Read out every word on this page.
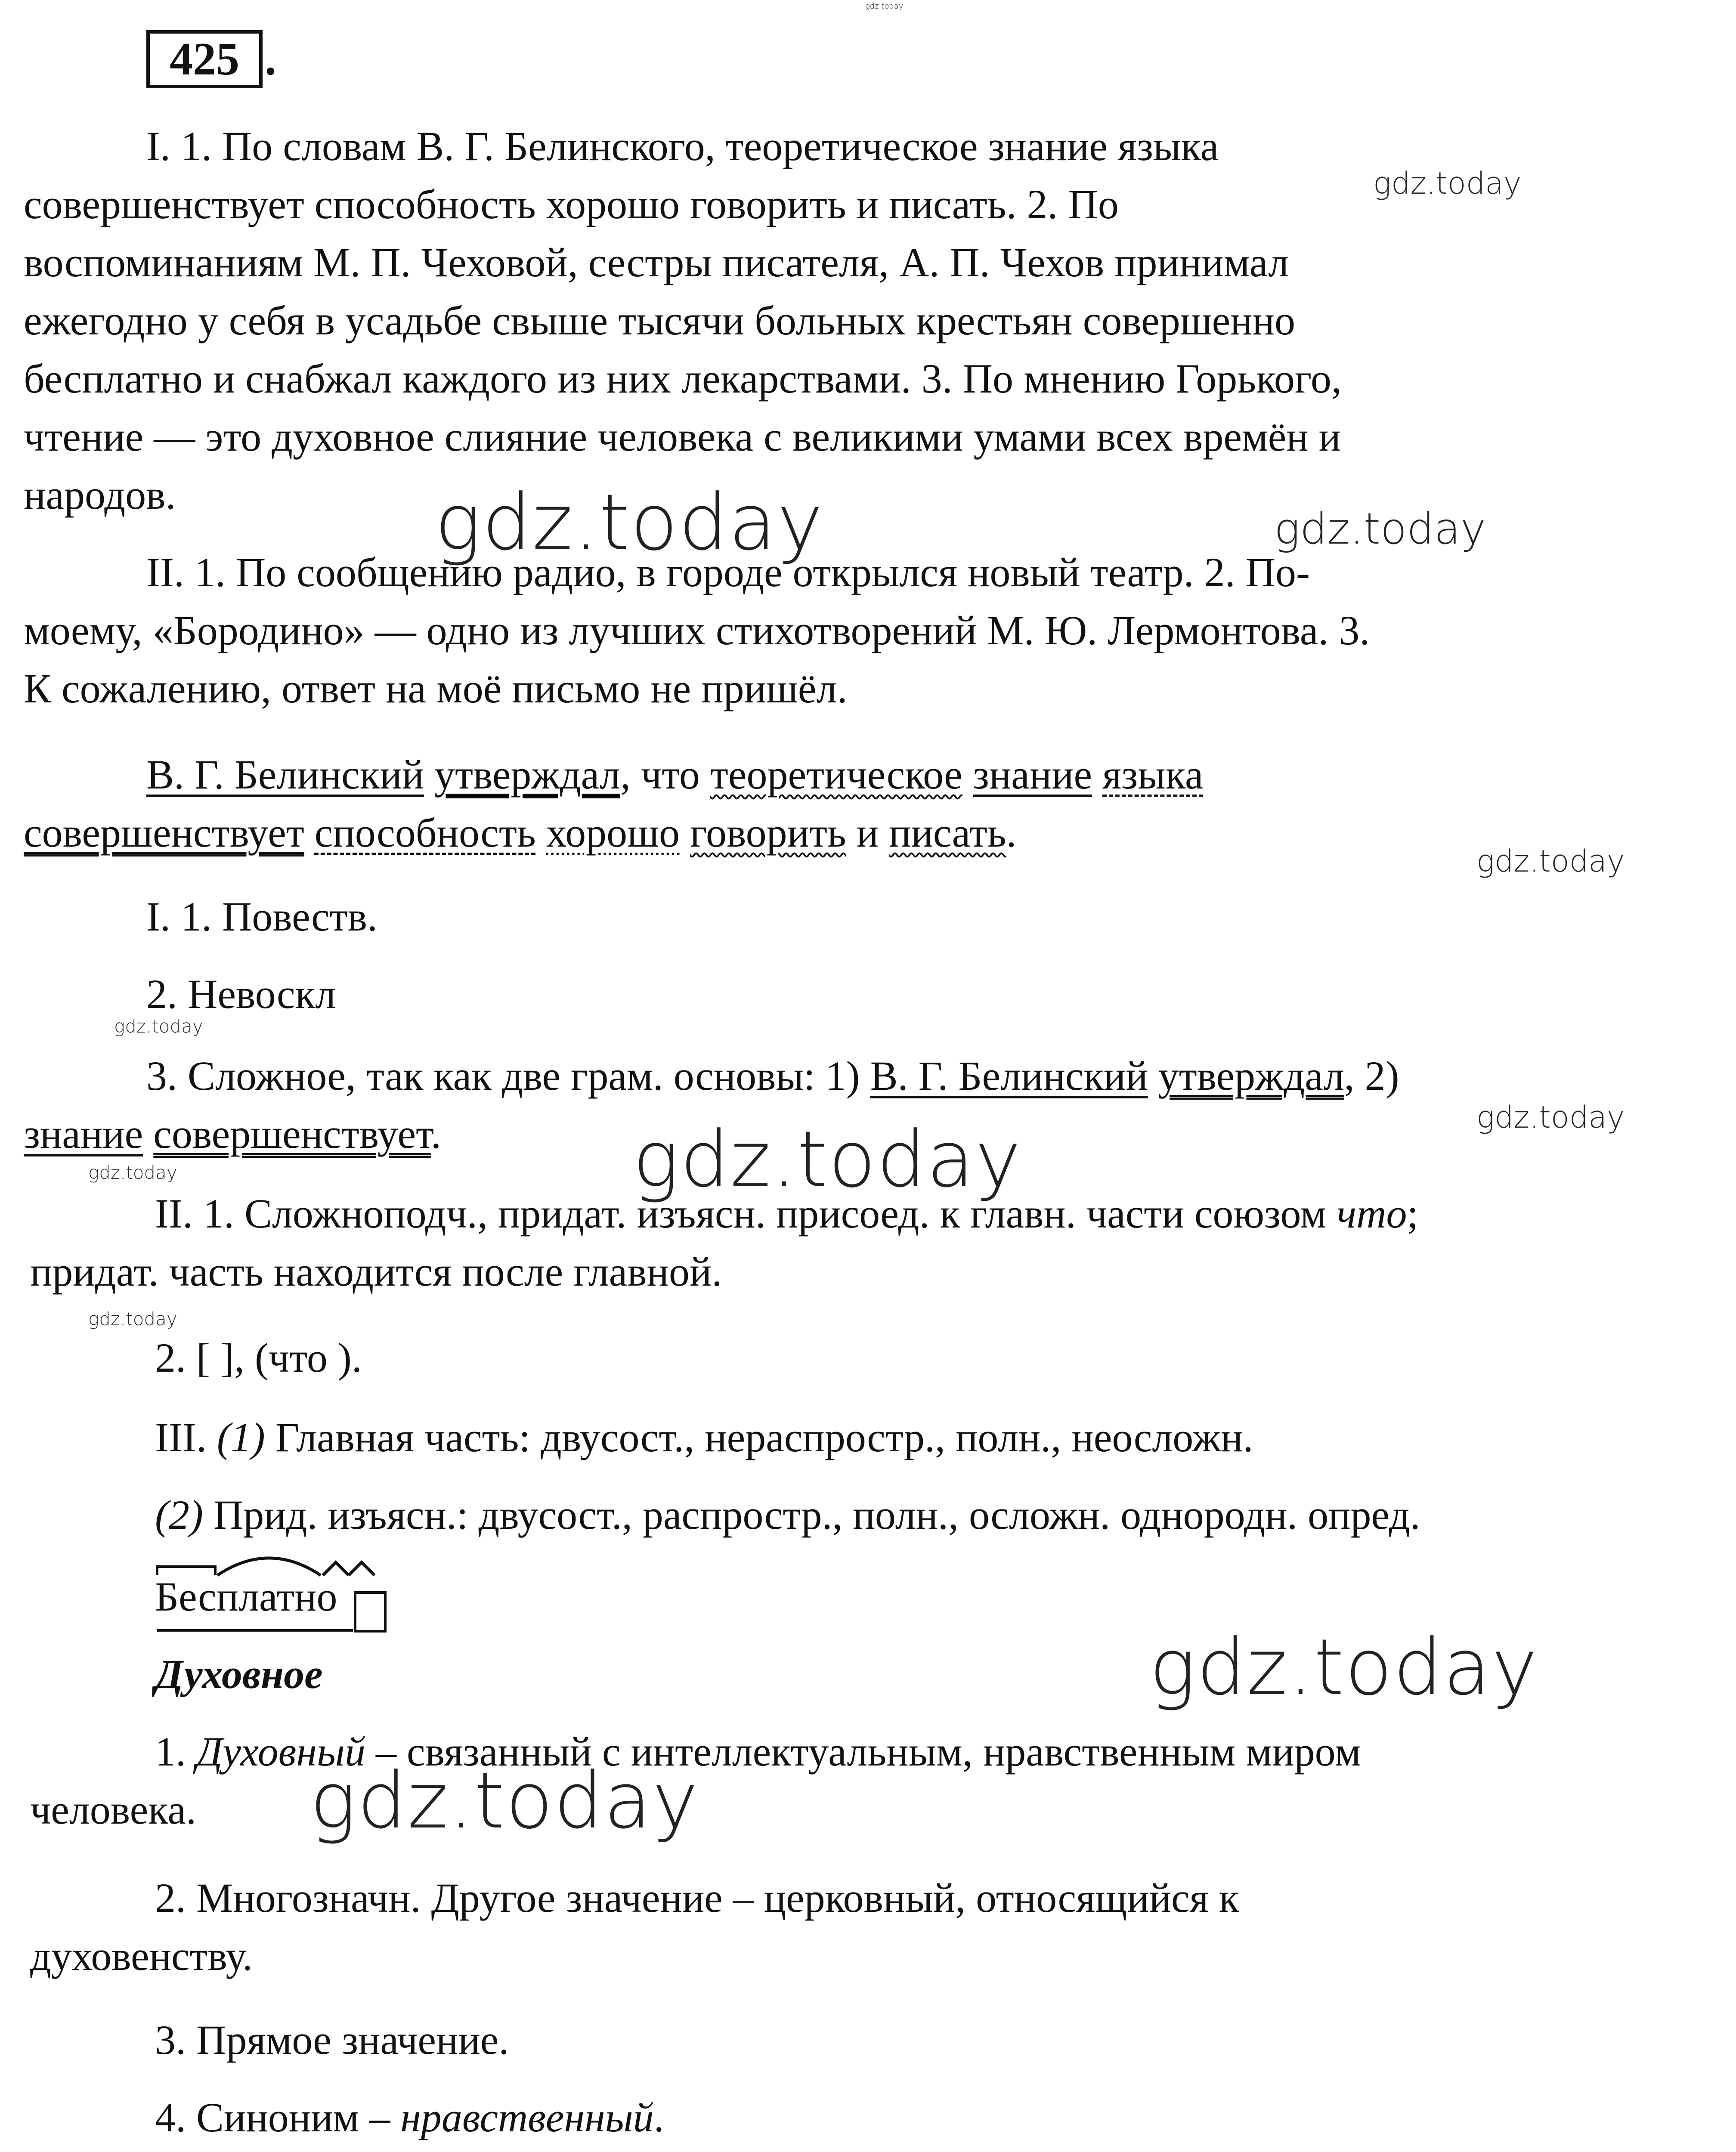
425 .
I. 1. По словам В. Г. Белинского, теоретическое знание языка
совершенствует способность хорошо говорить и писать. 2. По
воспоминаниям М. П. Чеховой, сестры писателя, А. П. Чехов принимал
ежегодно у себя в усадьбе свыше тысячи больных крестьян совершенно
бесплатно и снабжал каждого из них лекарствами. 3. По мнению Горького,
чтение — это духовное слияние человека с великими умами всех времён и
народов.
II. 1. По сообщению радио, в городе открылся новый театр. 2. По-
моему, «Бородино» — одно из лучших стихотворений М. Ю. Лермонтова. 3.
К сожалению, ответ на моё письмо не пришёл.
В. Г. Белинский утверждал, что теоретическое знание языка
совершенствует способность хорошо говорить и писать.
I. 1. Повеств.
2. Невоскл
3. Сложное, так как две грам. основы: 1) В. Г. Белинский утверждал, 2)
знание совершенствует.
II. 1. Сложноподч., придат. изъясн. присоед. к главн. части союзом что;
придат. часть находится после главной.
2. [ ], (что ).
III. (1) Главная часть: двусост., нераспростр., полн., неосложн.
(2) Прид. изъясн.: двусост., распростр., полн., осложн. однородн. опред.
Бесплатно
Духовное
1. Духовный – связанный с интеллектуальным, нравственным миром
человека.
2. Многозначн. Другое значение – церковный, относящийся к
духовенству.
3. Прямое значение.
4. Синоним – нравственный.
gdz.today
gdz.today
gdz.today	gdz.today
gdz.today
gdz.today
gdz.today
gdz.today	gdz.today
gdz.today
gdz.today
gdz.today
